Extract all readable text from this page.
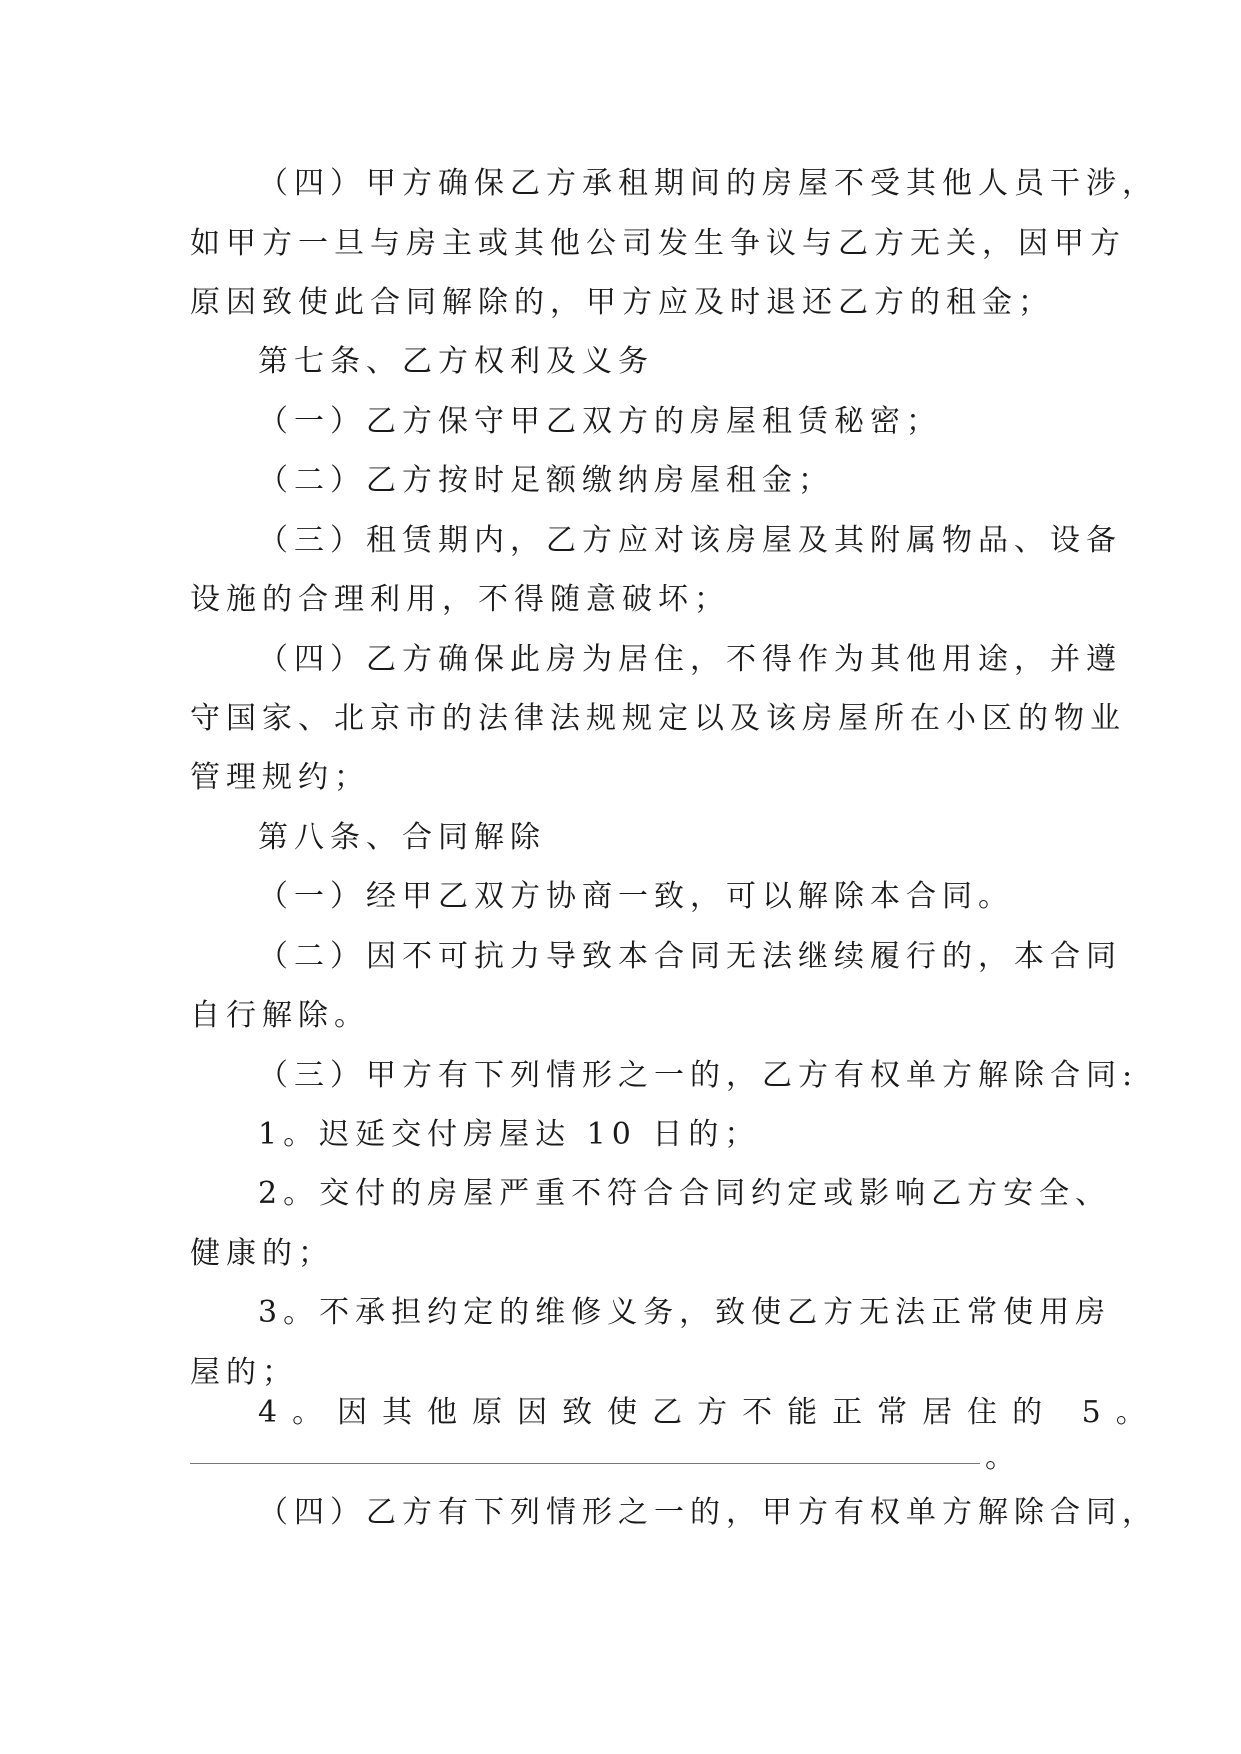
（四）甲方确保乙方承租期间的房屋不受其他人员干涉，
如甲方一旦与房主或其他公司发生争议与乙方无关，因甲方
原因致使此合同解除的，甲方应及时退还乙方的租金；
第七条、乙方权利及义务
（一）乙方保守甲乙双方的房屋租赁秘密；
（二）乙方按时足额缴纳房屋租金；
（三）租赁期内，乙方应对该房屋及其附属物品、设备
设施的合理利用，不得随意破坏；
（四）乙方确保此房为居住，不得作为其他用途，并遵
守国家、北京市的法律法规规定以及该房屋所在小区的物业
管理规约；
第八条、合同解除
（一）经甲乙双方协商一致，可以解除本合同。
（二）因不可抗力导致本合同无法继续履行的，本合同
自行解除。
（三）甲方有下列情形之一的，乙方有权单方解除合同:
1。迟延交付房屋达 10 日的；
2。交付的房屋严重不符合合同约定或影响乙方安全、
健康的；
3。不承担约定的维修义务，致使乙方无法正常使用房
屋的；
4。因其他原因致使乙方不能正常居住的 5。
。
（四）乙方有下列情形之一的，甲方有权单方解除合同，
